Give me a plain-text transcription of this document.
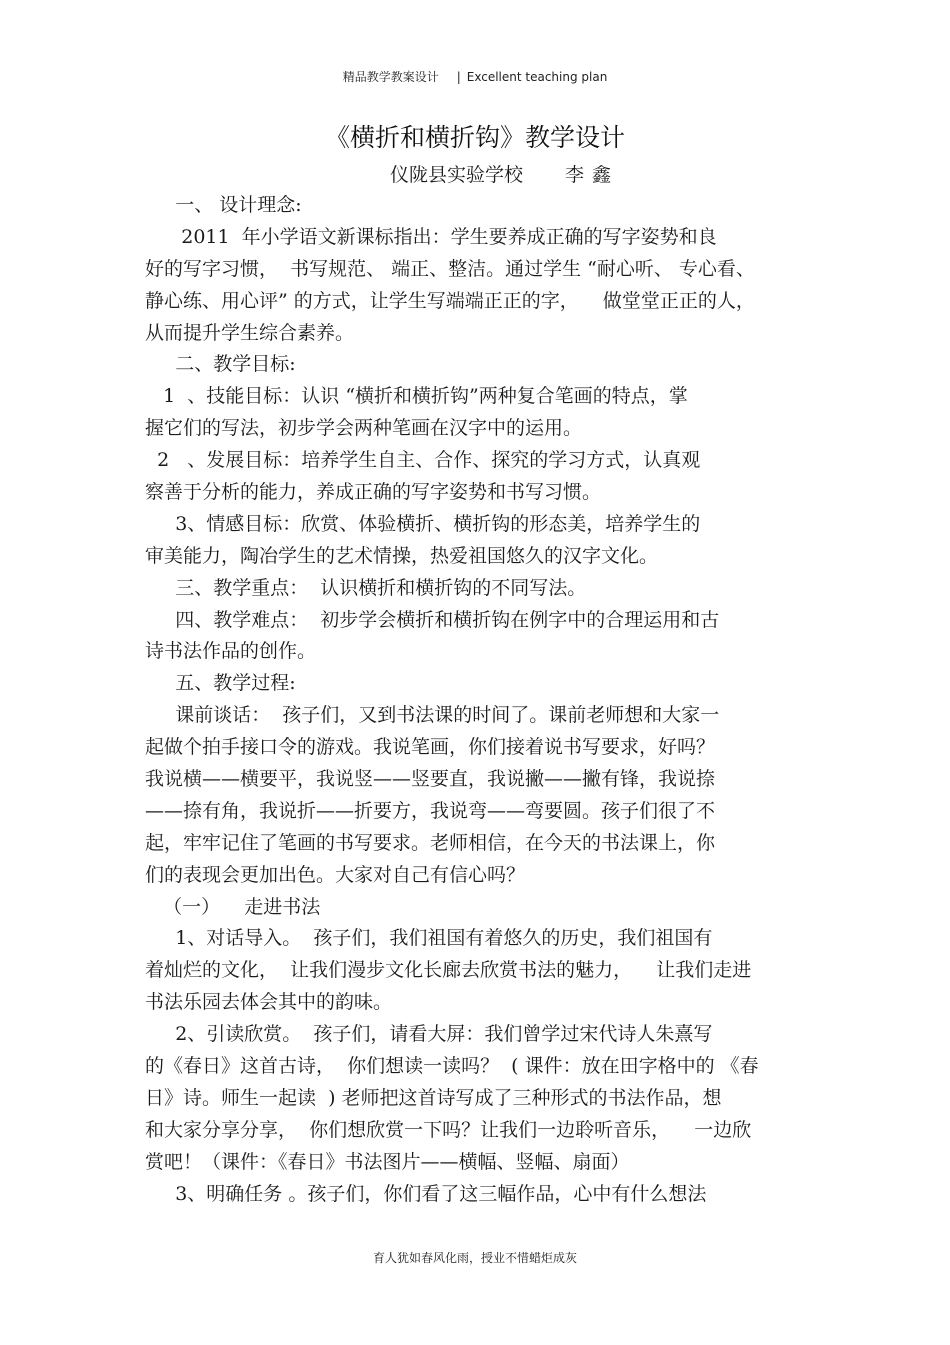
精品教学教案设计 | Excellent teaching plan
《横折和横折钩》教学设计
仪陇县实验学校 李鑫
一、 设计理念:
2011  年小学语文新课标指出：学生要养成正确的写字姿势和良
好的写字习惯，  书写规范、 端正、整洁。通过学生 “耐心听、 专心看、
静心练、用心评” 的方式，让学生写端端正正的字，    做堂堂正正的人，
从而提升学生综合素养。
二、教学目标:
1  、技能目标：认识 “横折和横折钩”两种复合笔画的特点，掌
握它们的写法，初步学会两种笔画在汉字中的运用。
2   、发展目标：培养学生自主、合作、探究的学习方式，认真观
察善于分析的能力，养成正确的写字姿势和书写习惯。
3、情感目标：欣赏、体验横折、横折钩的形态美，培养学生的
审美能力，陶冶学生的艺术情操，热爱祖国悠久的汉字文化。
三、教学重点：  认识横折和横折钩的不同写法。
四、教学难点：  初步学会横折和横折钩在例字中的合理运用和古
诗书法作品的创作。
五、教学过程:
课前谈话：  孩子们，又到书法课的时间了。课前老师想和大家一
起做个拍手接口令的游戏。我说笔画，你们接着说书写要求，好吗？
我说横——横要平，我说竖——竖要直，我说撇——撇有锋，我说捺
——捺有角，我说折——折要方，我说弯——弯要圆。孩子们很了不
起，牢牢记住了笔画的书写要求。老师相信，在今天的书法课上，你
们的表现会更加出色。大家对自己有信心吗？
（一）    走进书法
1、对话导入。  孩子们，我们祖国有着悠久的历史，我们祖国有
着灿烂的文化，  让我们漫步文化长廊去欣赏书法的魅力，    让我们走进
书法乐园去体会其中的韵味。
2、引读欣赏。  孩子们，请看大屏：我们曾学过宋代诗人朱熹写
的《春日》这首古诗，  你们想读一读吗？  ( 课件：放在田字格中的 《春
日》诗。师生一起读  ) 老师把这首诗写成了三种形式的书法作品，想
和大家分享分享，  你们想欣赏一下吗？让我们一边聆听音乐，    一边欣
赏吧！（课件：《春日》书法图片——横幅、竖幅、扇面）
3、明确任务 。孩子们，你们看了这三幅作品，心中有什么想法
育人犹如春风化雨，授业不惜蜡炬成灰
